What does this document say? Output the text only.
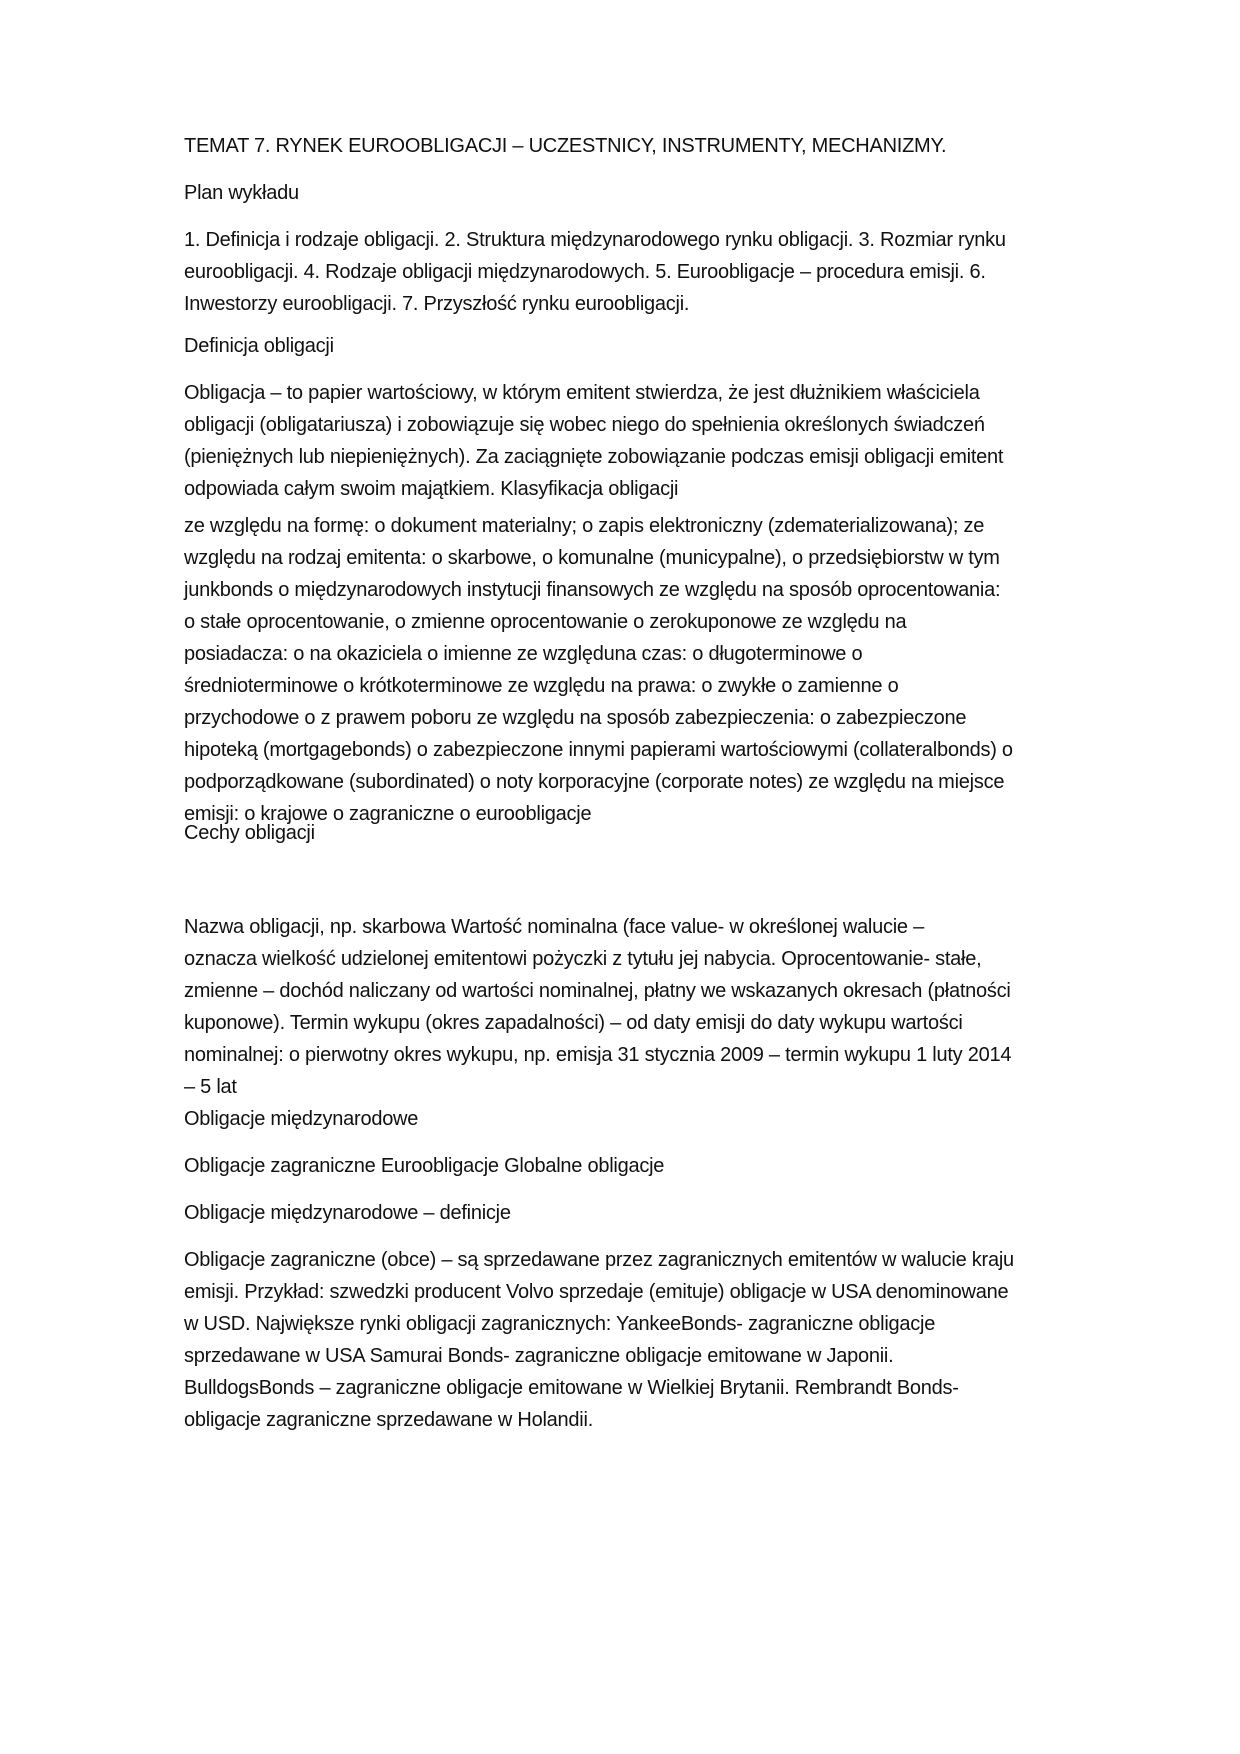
TEMAT 7. RYNEK EUROOBLIGACJI – UCZESTNICY, INSTRUMENTY, MECHANIZMY.

Plan wykładu

1. Definicja i rodzaje obligacji. 2. Struktura międzynarodowego rynku obligacji. 3. Rozmiar rynku
euroobligacji. 4. Rodzaje obligacji międzynarodowych. 5. Euroobligacje – procedura emisji. 6.
Inwestorzy euroobligacji. 7. Przyszłość rynku euroobligacji.

Definicja obligacji

Obligacja – to papier wartościowy, w którym emitent stwierdza, że jest dłużnikiem właściciela
obligacji (obligatariusza) i zobowiązuje się wobec niego do spełnienia określonych świadczeń
(pieniężnych lub niepieniężnych). Za zaciągnięte zobowiązanie podczas emisji obligacji emitent
odpowiada całym swoim majątkiem. Klasyfikacja obligacji

ze względu na formę: o dokument materialny; o zapis elektroniczny (zdematerializowana); ze
względu na rodzaj emitenta: o skarbowe, o komunalne (municypalne), o przedsiębiorstw w tym
junkbonds o międzynarodowych instytucji finansowych ze względu na sposób oprocentowania:
o stałe oprocentowanie, o zmienne oprocentowanie o zerokuponowe ze względu na
posiadacza: o na okaziciela o imienne ze względuna czas: o długoterminowe o
średnioterminowe o krótkoterminowe ze względu na prawa: o zwykłe o zamienne o
przychodowe o z prawem poboru ze względu na sposób zabezpieczenia: o zabezpieczone
hipoteką (mortgagebonds) o zabezpieczone innymi papierami wartościowymi (collateralbonds) o
podporządkowane (subordinated) o noty korporacyjne (corporate notes) ze względu na miejsce
emisji: o krajowe o zagraniczne o euroobligacje

Cechy obligacji

Nazwa obligacji, np. skarbowa Wartość nominalna (face value- w określonej walucie –
oznacza wielkość udzielonej emitentowi pożyczki z tytułu jej nabycia. Oprocentowanie- stałe,
zmienne – dochód naliczany od wartości nominalnej, płatny we wskazanych okresach (płatności
kuponowe). Termin wykupu (okres zapadalności) – od daty emisji do daty wykupu wartości
nominalnej: o pierwotny okres wykupu, np. emisja 31 stycznia 2009 – termin wykupu 1 luty 2014
– 5 lat

Obligacje międzynarodowe

Obligacje zagraniczne Euroobligacje Globalne obligacje

Obligacje międzynarodowe – definicje

Obligacje zagraniczne (obce) – są sprzedawane przez zagranicznych emitentów w walucie kraju
emisji. Przykład: szwedzki producent Volvo sprzedaje (emituje) obligacje w USA denominowane
w USD. Największe rynki obligacji zagranicznych: YankeeBonds- zagraniczne obligacje
sprzedawane w USA Samurai Bonds- zagraniczne obligacje emitowane w Japonii.
BulldogsBonds – zagraniczne obligacje emitowane w Wielkiej Brytanii. Rembrandt Bonds-
obligacje zagraniczne sprzedawane w Holandii.
